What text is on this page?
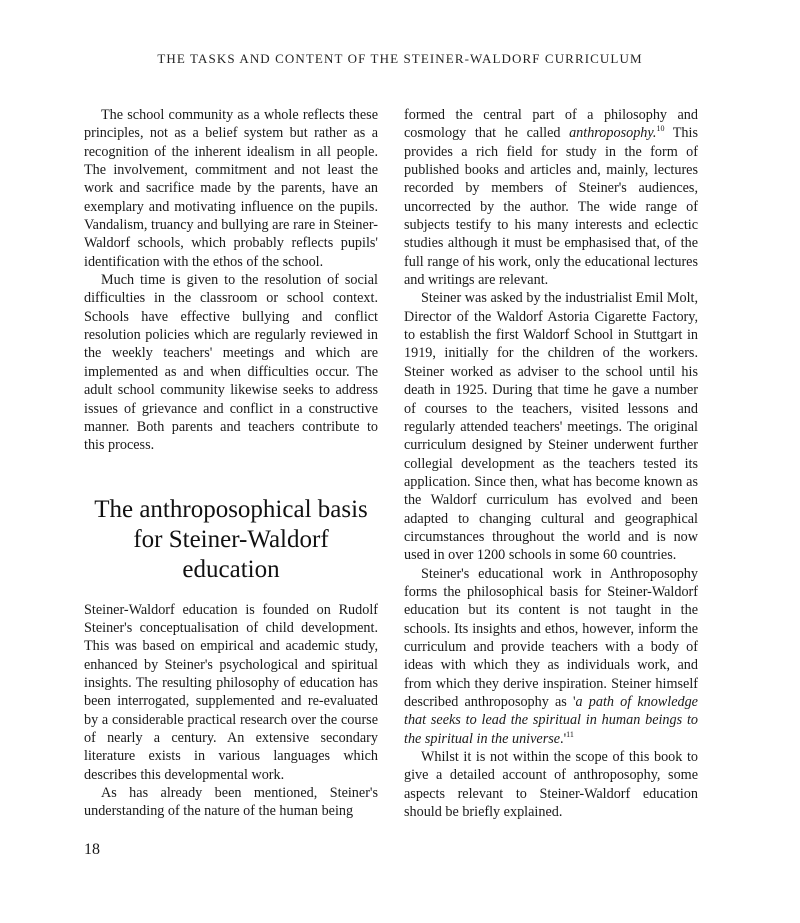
THE TASKS AND CONTENT OF THE STEINER-WALDORF CURRICULUM

The school community as a whole reflects these principles, not as a belief system but rather as a recognition of the inherent idealism in all people. The involvement, commitment and not least the work and sacrifice made by the parents, have an exemplary and motivating influence on the pupils. Vandalism, truancy and bullying are rare in Steiner-Waldorf schools, which probably reflects pupils' identification with the ethos of the school.

Much time is given to the resolution of social difficulties in the classroom or school context. Schools have effective bullying and conflict resolution policies which are regularly reviewed in the weekly teachers' meetings and which are implemented as and when difficulties occur. The adult school community likewise seeks to address issues of grievance and conflict in a constructive manner. Both parents and teachers contribute to this process.

The anthroposophical basis for Steiner-Waldorf education

Steiner-Waldorf education is founded on Rudolf Steiner's conceptualisation of child development. This was based on empirical and academic study, enhanced by Steiner's psychological and spiritual insights. The resulting philosophy of education has been interrogated, supplemented and re-evaluated by a considerable practical research over the course of nearly a century. An extensive secondary literature exists in various languages which describes this developmental work.

As has already been mentioned, Steiner's understanding of the nature of the human being

formed the central part of a philosophy and cosmology that he called anthroposophy.$^{10}$ This provides a rich field for study in the form of published books and articles and, mainly, lectures recorded by members of Steiner's audiences, uncorrected by the author. The wide range of subjects testify to his many interests and eclectic studies although it must be emphasised that, of the full range of his work, only the educational lectures and writings are relevant.

Steiner was asked by the industrialist Emil Molt, Director of the Waldorf Astoria Cigarette Factory, to establish the first Waldorf School in Stuttgart in 1919, initially for the children of the workers. Steiner worked as adviser to the school until his death in 1925. During that time he gave a number of courses to the teachers, visited lessons and regularly attended teachers' meetings. The original curriculum designed by Steiner underwent further collegial development as the teachers tested its application. Since then, what has become known as the Waldorf curriculum has evolved and been adapted to changing cultural and geographical circumstances throughout the world and is now used in over 1200 schools in some 60 countries.

Steiner's educational work in Anthroposophy forms the philosophical basis for Steiner-Waldorf education but its content is not taught in the schools. Its insights and ethos, however, inform the curriculum and provide teachers with a body of ideas with which they as individuals work, and from which they derive inspiration. Steiner himself described anthroposophy as 'a path of knowledge that seeks to lead the spiritual in human beings to the spiritual in the $universe.'^{11}$

Whilst it is not within the scope of this book to give a detailed account of anthroposophy, some aspects relevant to Steiner-Waldorf education should be briefly explained.

18
